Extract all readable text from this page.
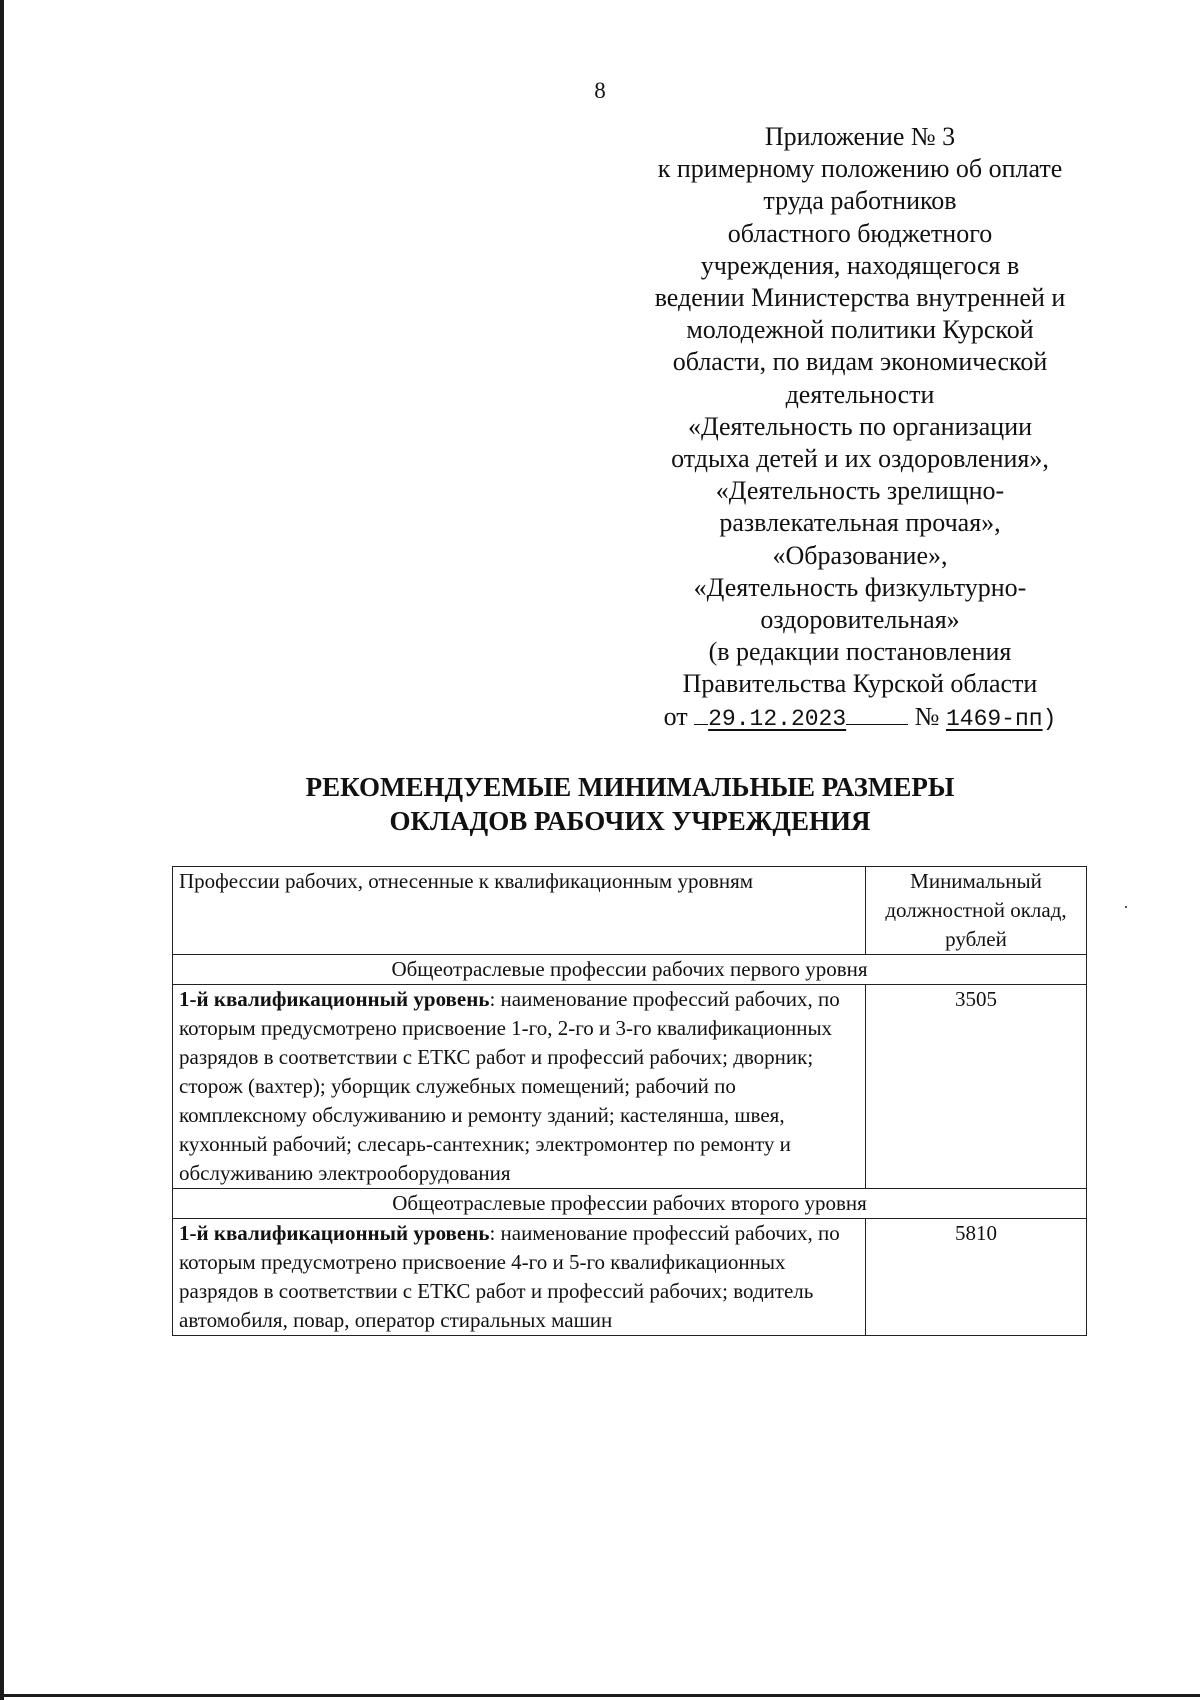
8
Приложение № 3
к примерному положению об оплате
труда работников
областного бюджетного
учреждения, находящегося в
ведении Министерства внутренней и
молодежной политики Курской
области, по видам экономической
деятельности
«Деятельность по организации
отдыха детей и их оздоровления»,
«Деятельность зрелищно-
развлекательная прочая»,
«Образование»,
«Деятельность физкультурно-
оздоровительная»
(в редакции постановления
Правительства Курской области
от 29.12.2023	№ 1469-пп)
РЕКОМЕНДУЕМЫЕ МИНИМАЛЬНЫЕ РАЗМЕРЫ
ОКЛАДОВ РАБОЧИХ УЧРЕЖДЕНИЯ
Профессии рабочих, отнесенные к квалификационным уровням	Минимальный должностной оклад, рублей
Общеотраслевые профессии рабочих первого уровня	
1-й квалификационный уровень: наименование профессий рабочих, по которым предусмотрено присвоение 1-го, 2-го и 3-го квалификационных разрядов в соответствии с ЕТКС работ и профессий рабочих; дворник; сторож (вахтер); уборщик служебных помещений; рабочий по комплексному обслуживанию и ремонту зданий; кастелянша, швея, кухонный рабочий; слесарь-сантехник; электромонтер по ремонту и обслуживанию электрооборудования	3505
Общеотраслевые профессии рабочих второго уровня	
1-й квалификационный уровень: наименование профессий рабочих, по которым предусмотрено присвоение 4-го и 5-го квалификационных разрядов в соответствии с ЕТКС работ и профессий рабочих; водитель автомобиля, повар, оператор стиральных машин	5810
